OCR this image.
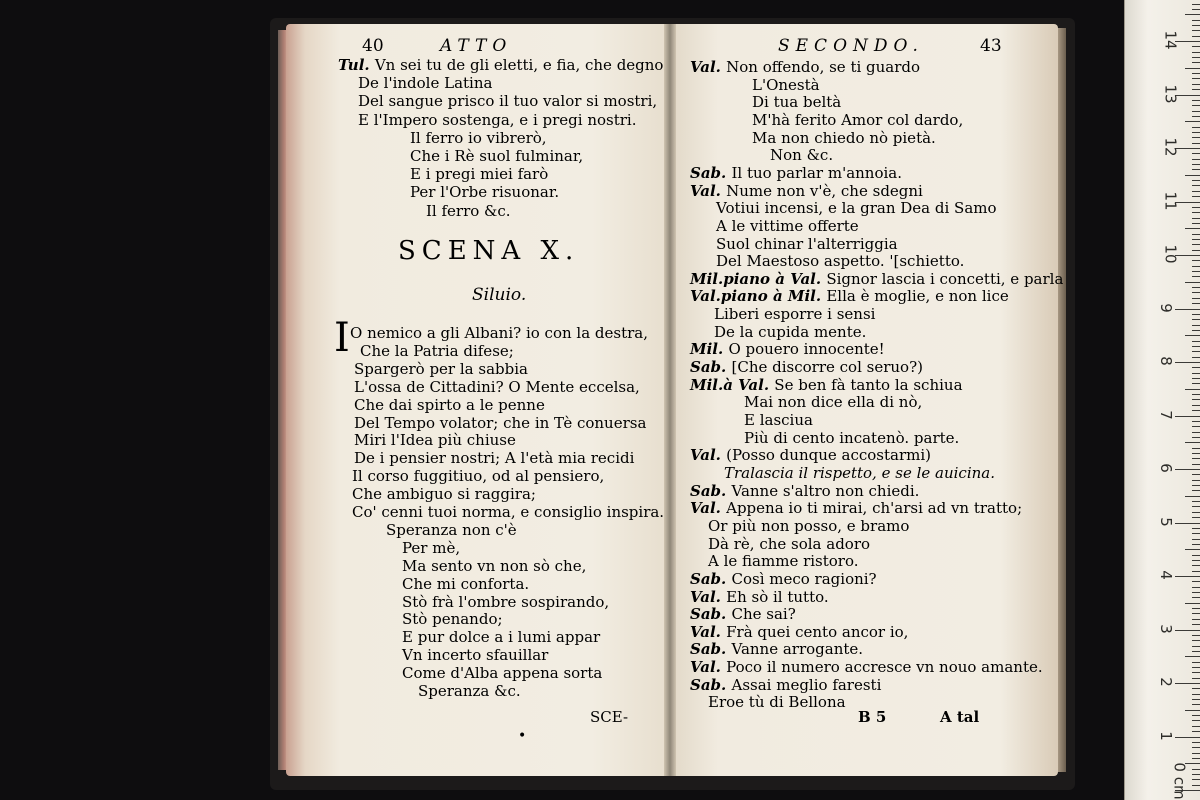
40	ATTO
Tul. Vn sei tu de gli eletti, e fia, che degno
De l'indole Latina
Del sangue prisco il tuo valor si mostri,
E l'Impero sostenga, e i pregi nostri.
Il ferro io vibrerò,
Che i Rè suol fulminar,
E i pregi miei farò
Per l'Orbe risuonar.
Il ferro &c.
SCENA X.
Siluio.
I O nemico a gli Albani? io con la destra,
Che la Patria difese;
Spargerò per la sabbia
L'ossa de Cittadini? O Mente eccelsa,
Che dai spirto a le penne
Del Tempo volator; che in Tè conuersa
Miri l'Idea più chiuse
De i pensier nostri; A l'età mia recidi
Il corso fuggitiuo, od al pensiero,
Che ambiguo si raggira;
Co' cenni tuoi norma, e consiglio inspira.
Speranza non c'è
Per mè,
Ma sento vn non sò che,
Che mi conforta.
Stò frà l'ombre sospirando,
Stò penando;
E pur dolce a i lumi appar
Vn incerto sfauillar
Come d'Alba appena sorta
Speranza &c.
•
SCE-
SECONDO.	43
Val. Non offendo, se ti guardo
L'Onestà
Di tua beltà
M'hà ferito Amor col dardo,
Ma non chiedo nò pietà.
Non &c.
Sab. Il tuo parlar m'annoia.
Val. Nume non v'è, che sdegni
Votiui incensi, e la gran Dea di Samo
A le vittime offerte
Suol chinar l'alterriggia
Del Maestoso aspetto. '[schietto.
Mil.piano à Val. Signor lascia i concetti, e parla
Val.piano à Mil. Ella è moglie, e non lice
Liberi esporre i sensi
De la cupida mente.
Mil. O pouero innocente!
Sab. [Che discorre col seruo?)
Mil.à Val. Se ben fà tanto la schiua
Mai non dice ella di nò,
E lasciua
Più di cento incatenò. parte.
Val. (Posso dunque accostarmi)
Tralascia il rispetto, e se le auicina.
Sab. Vanne s'altro non chiedi.
Val. Appena io ti mirai, ch'arsi ad vn tratto;
Or più non posso, e bramo
Dà rè, che sola adoro
A le fiamme ristoro.
Sab. Così meco ragioni?
Val. Eh sò il tutto.
Sab. Che sai?
Val. Frà quei cento ancor io,
Sab. Vanne arrogante.
Val. Poco il numero accresce vn nouo amante.
Sab. Assai meglio faresti
Eroe tù di Bellona
B 5	A tal
14
13
12
11
10
9
8
7
6
5
4
3
2
1
0 cm
